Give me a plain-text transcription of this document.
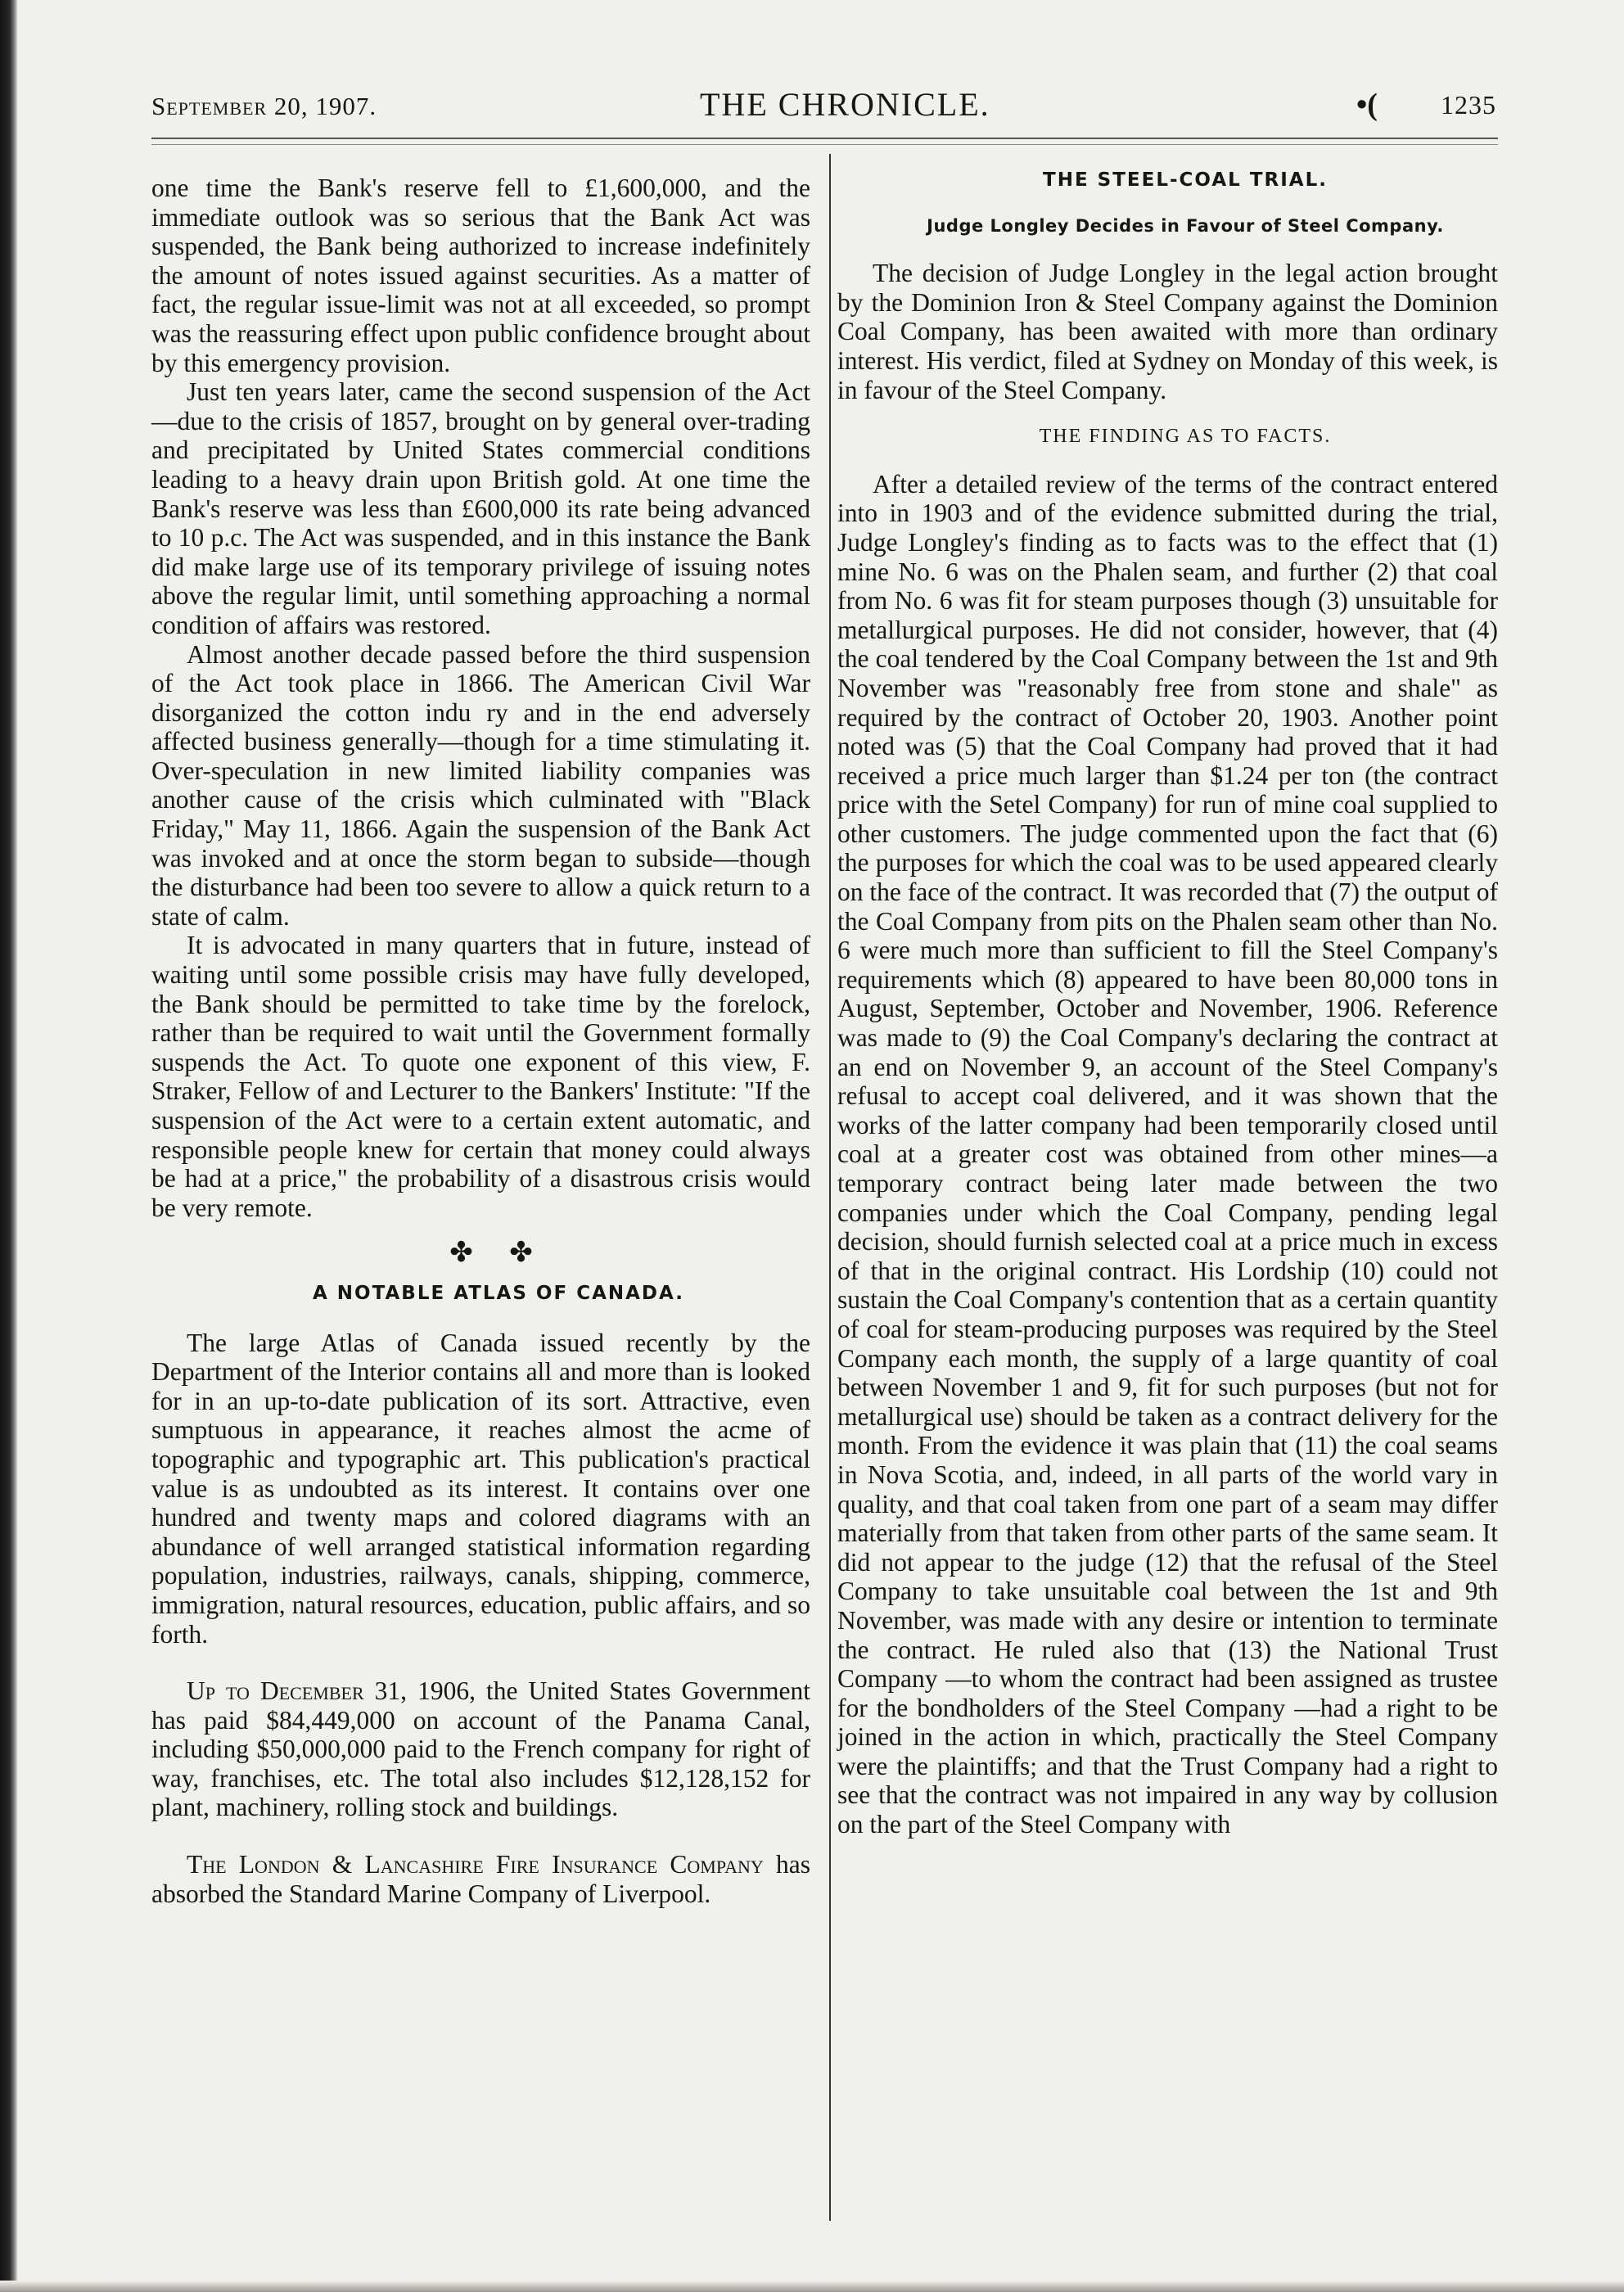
September 20, 1907.	THE CHRONICLE.	•( 1235

one time the Bank's reserve fell to £1,600,000, and the immediate outlook was so serious that the Bank Act was suspended, the Bank being authorized to increase indefinitely the amount of notes issued against securities. As a matter of fact, the regular issue-limit was not at all exceeded, so prompt was the reassuring effect upon public confidence brought about by this emergency provision.

Just ten years later, came the second suspension of the Act—due to the crisis of 1857, brought on by general over-trading and precipitated by United States commercial conditions leading to a heavy drain upon British gold. At one time the Bank's reserve was less than £600,000 its rate being advanced to 10 p.c. The Act was suspended, and in this instance the Bank did make large use of its temporary privilege of issuing notes above the regular limit, until something approaching a normal condition of affairs was restored.

Almost another decade passed before the third suspension of the Act took place in 1866. The American Civil War disorganized the cotton indu ry and in the end adversely affected business generally—though for a time stimulating it. Over-speculation in new limited liability companies was another cause of the crisis which culminated with "Black Friday," May 11, 1866. Again the suspension of the Bank Act was invoked and at once the storm began to subside—though the disturbance had been too severe to allow a quick return to a state of calm.

It is advocated in many quarters that in future, instead of waiting until some possible crisis may have fully developed, the Bank should be permitted to take time by the forelock, rather than be required to wait until the Government formally suspends the Act. To quote one exponent of this view, F. Straker, Fellow of and Lecturer to the Bankers' Institute: "If the suspension of the Act were to a certain extent automatic, and responsible people knew for certain that money could always be had at a price," the probability of a disastrous crisis would be very remote.

✤ ✤

A NOTABLE ATLAS OF CANADA.

The large Atlas of Canada issued recently by the Department of the Interior contains all and more than is looked for in an up-to-date publication of its sort. Attractive, even sumptuous in appearance, it reaches almost the acme of topographic and typographic art. This publication's practical value is as undoubted as its interest. It contains over one hundred and twenty maps and colored diagrams with an abundance of well arranged statistical information regarding population, industries, railways, canals, shipping, commerce, immigration, natural resources, education, public affairs, and so forth.

Up to December 31, 1906, the United States Government has paid $84,449,000 on account of the Panama Canal, including $50,000,000 paid to the French company for right of way, franchises, etc. The total also includes $12,128,152 for plant, machinery, rolling stock and buildings.

The London & Lancashire Fire Insurance Company has absorbed the Standard Marine Company of Liverpool.

THE STEEL-COAL TRIAL.

Judge Longley Decides in Favour of Steel Company.

The decision of Judge Longley in the legal action brought by the Dominion Iron & Steel Company against the Dominion Coal Company, has been awaited with more than ordinary interest. His verdict, filed at Sydney on Monday of this week, is in favour of the Steel Company.

THE FINDING AS TO FACTS.

After a detailed review of the terms of the contract entered into in 1903 and of the evidence submitted during the trial, Judge Longley's finding as to facts was to the effect that (1) mine No. 6 was on the Phalen seam, and further (2) that coal from No. 6 was fit for steam purposes though (3) unsuitable for metallurgical purposes. He did not consider, however, that (4) the coal tendered by the Coal Company between the 1st and 9th November was "reasonably free from stone and shale" as required by the contract of October 20, 1903. Another point noted was (5) that the Coal Company had proved that it had received a price much larger than $1.24 per ton (the contract price with the Setel Company) for run of mine coal supplied to other customers. The judge commented upon the fact that (6) the purposes for which the coal was to be used appeared clearly on the face of the contract. It was recorded that (7) the output of the Coal Company from pits on the Phalen seam other than No. 6 were much more than sufficient to fill the Steel Company's requirements which (8) appeared to have been 80,000 tons in August, September, October and November, 1906. Reference was made to (9) the Coal Company's declaring the contract at an end on November 9, an account of the Steel Company's refusal to accept coal delivered, and it was shown that the works of the latter company had been temporarily closed until coal at a greater cost was obtained from other mines—a temporary contract being later made between the two companies under which the Coal Company, pending legal decision, should furnish selected coal at a price much in excess of that in the original contract. His Lordship (10) could not sustain the Coal Company's contention that as a certain quantity of coal for steam-producing purposes was required by the Steel Company each month, the supply of a large quantity of coal between November 1 and 9, fit for such purposes (but not for metallurgical use) should be taken as a contract delivery for the month. From the evidence it was plain that (11) the coal seams in Nova Scotia, and, indeed, in all parts of the world vary in quality, and that coal taken from one part of a seam may differ materially from that taken from other parts of the same seam. It did not appear to the judge (12) that the refusal of the Steel Company to take unsuitable coal between the 1st and 9th November, was made with any desire or intention to terminate the contract. He ruled also that (13) the National Trust Company —to whom the contract had been assigned as trustee for the bondholders of the Steel Company —had a right to be joined in the action in which, practically the Steel Company were the plaintiffs; and that the Trust Company had a right to see that the contract was not impaired in any way by collusion on the part of the Steel Company with
